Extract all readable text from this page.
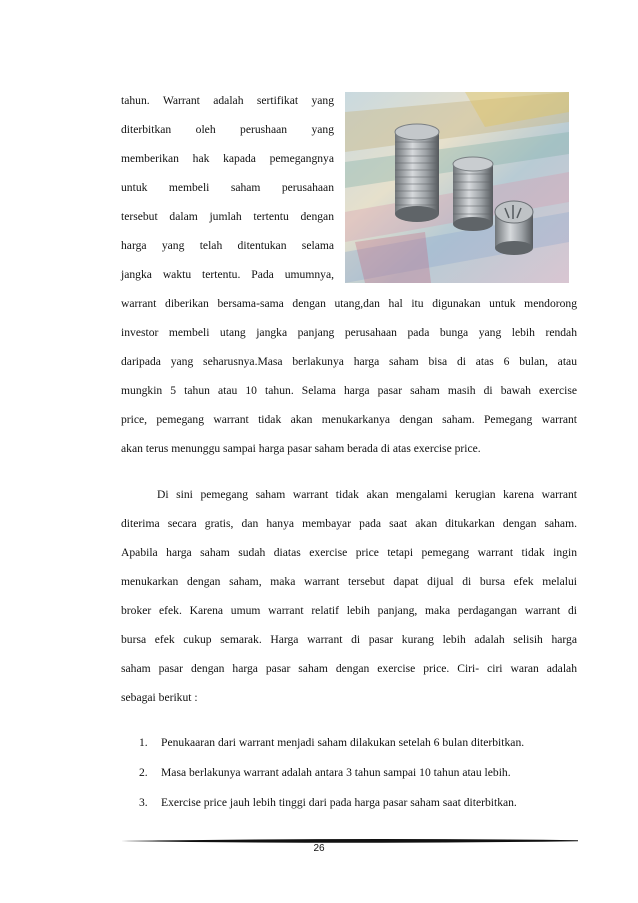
tahun. Warrant adalah sertifikat yang
diterbitkan oleh perushaan yang
memberikan hak kapada pemegangnya
untuk membeli saham perusahaan
tersebut dalam jumlah tertentu dengan
harga yang telah ditentukan selama
jangka waktu tertentu. Pada umumnya,
warrant diberikan bersama-sama dengan utang,dan hal itu digunakan untuk mendorong
investor membeli utang jangka panjang perusahaan pada bunga yang lebih rendah
daripada yang seharusnya.Masa berlakunya harga saham bisa di atas 6 bulan, atau
mungkin 5 tahun atau 10 tahun. Selama harga pasar saham masih di bawah exercise
price, pemegang warrant tidak akan menukarkanya dengan saham. Pemegang warrant
akan terus menunggu sampai harga pasar saham berada di atas exercise price.
Di sini pemegang saham warrant tidak akan mengalami kerugian karena warrant
diterima secara gratis, dan hanya membayar pada saat akan ditukarkan dengan saham.
Apabila harga saham sudah diatas exercise price tetapi pemegang warrant tidak ingin
menukarkan dengan saham, maka warrant tersebut dapat dijual di bursa efek melalui
broker efek. Karena umum warrant relatif lebih panjang, maka perdagangan warrant di
bursa efek cukup semarak. Harga warrant di pasar kurang lebih adalah selisih harga
saham pasar dengan harga pasar saham dengan exercise price. Ciri- ciri waran adalah
sebagai berikut :
1. Penukaaran dari warrant menjadi saham dilakukan setelah 6 bulan diterbitkan.
2. Masa berlakunya warrant adalah antara 3 tahun sampai 10 tahun atau lebih.
3. Exercise price jauh lebih tinggi dari pada harga pasar saham saat diterbitkan.
26
